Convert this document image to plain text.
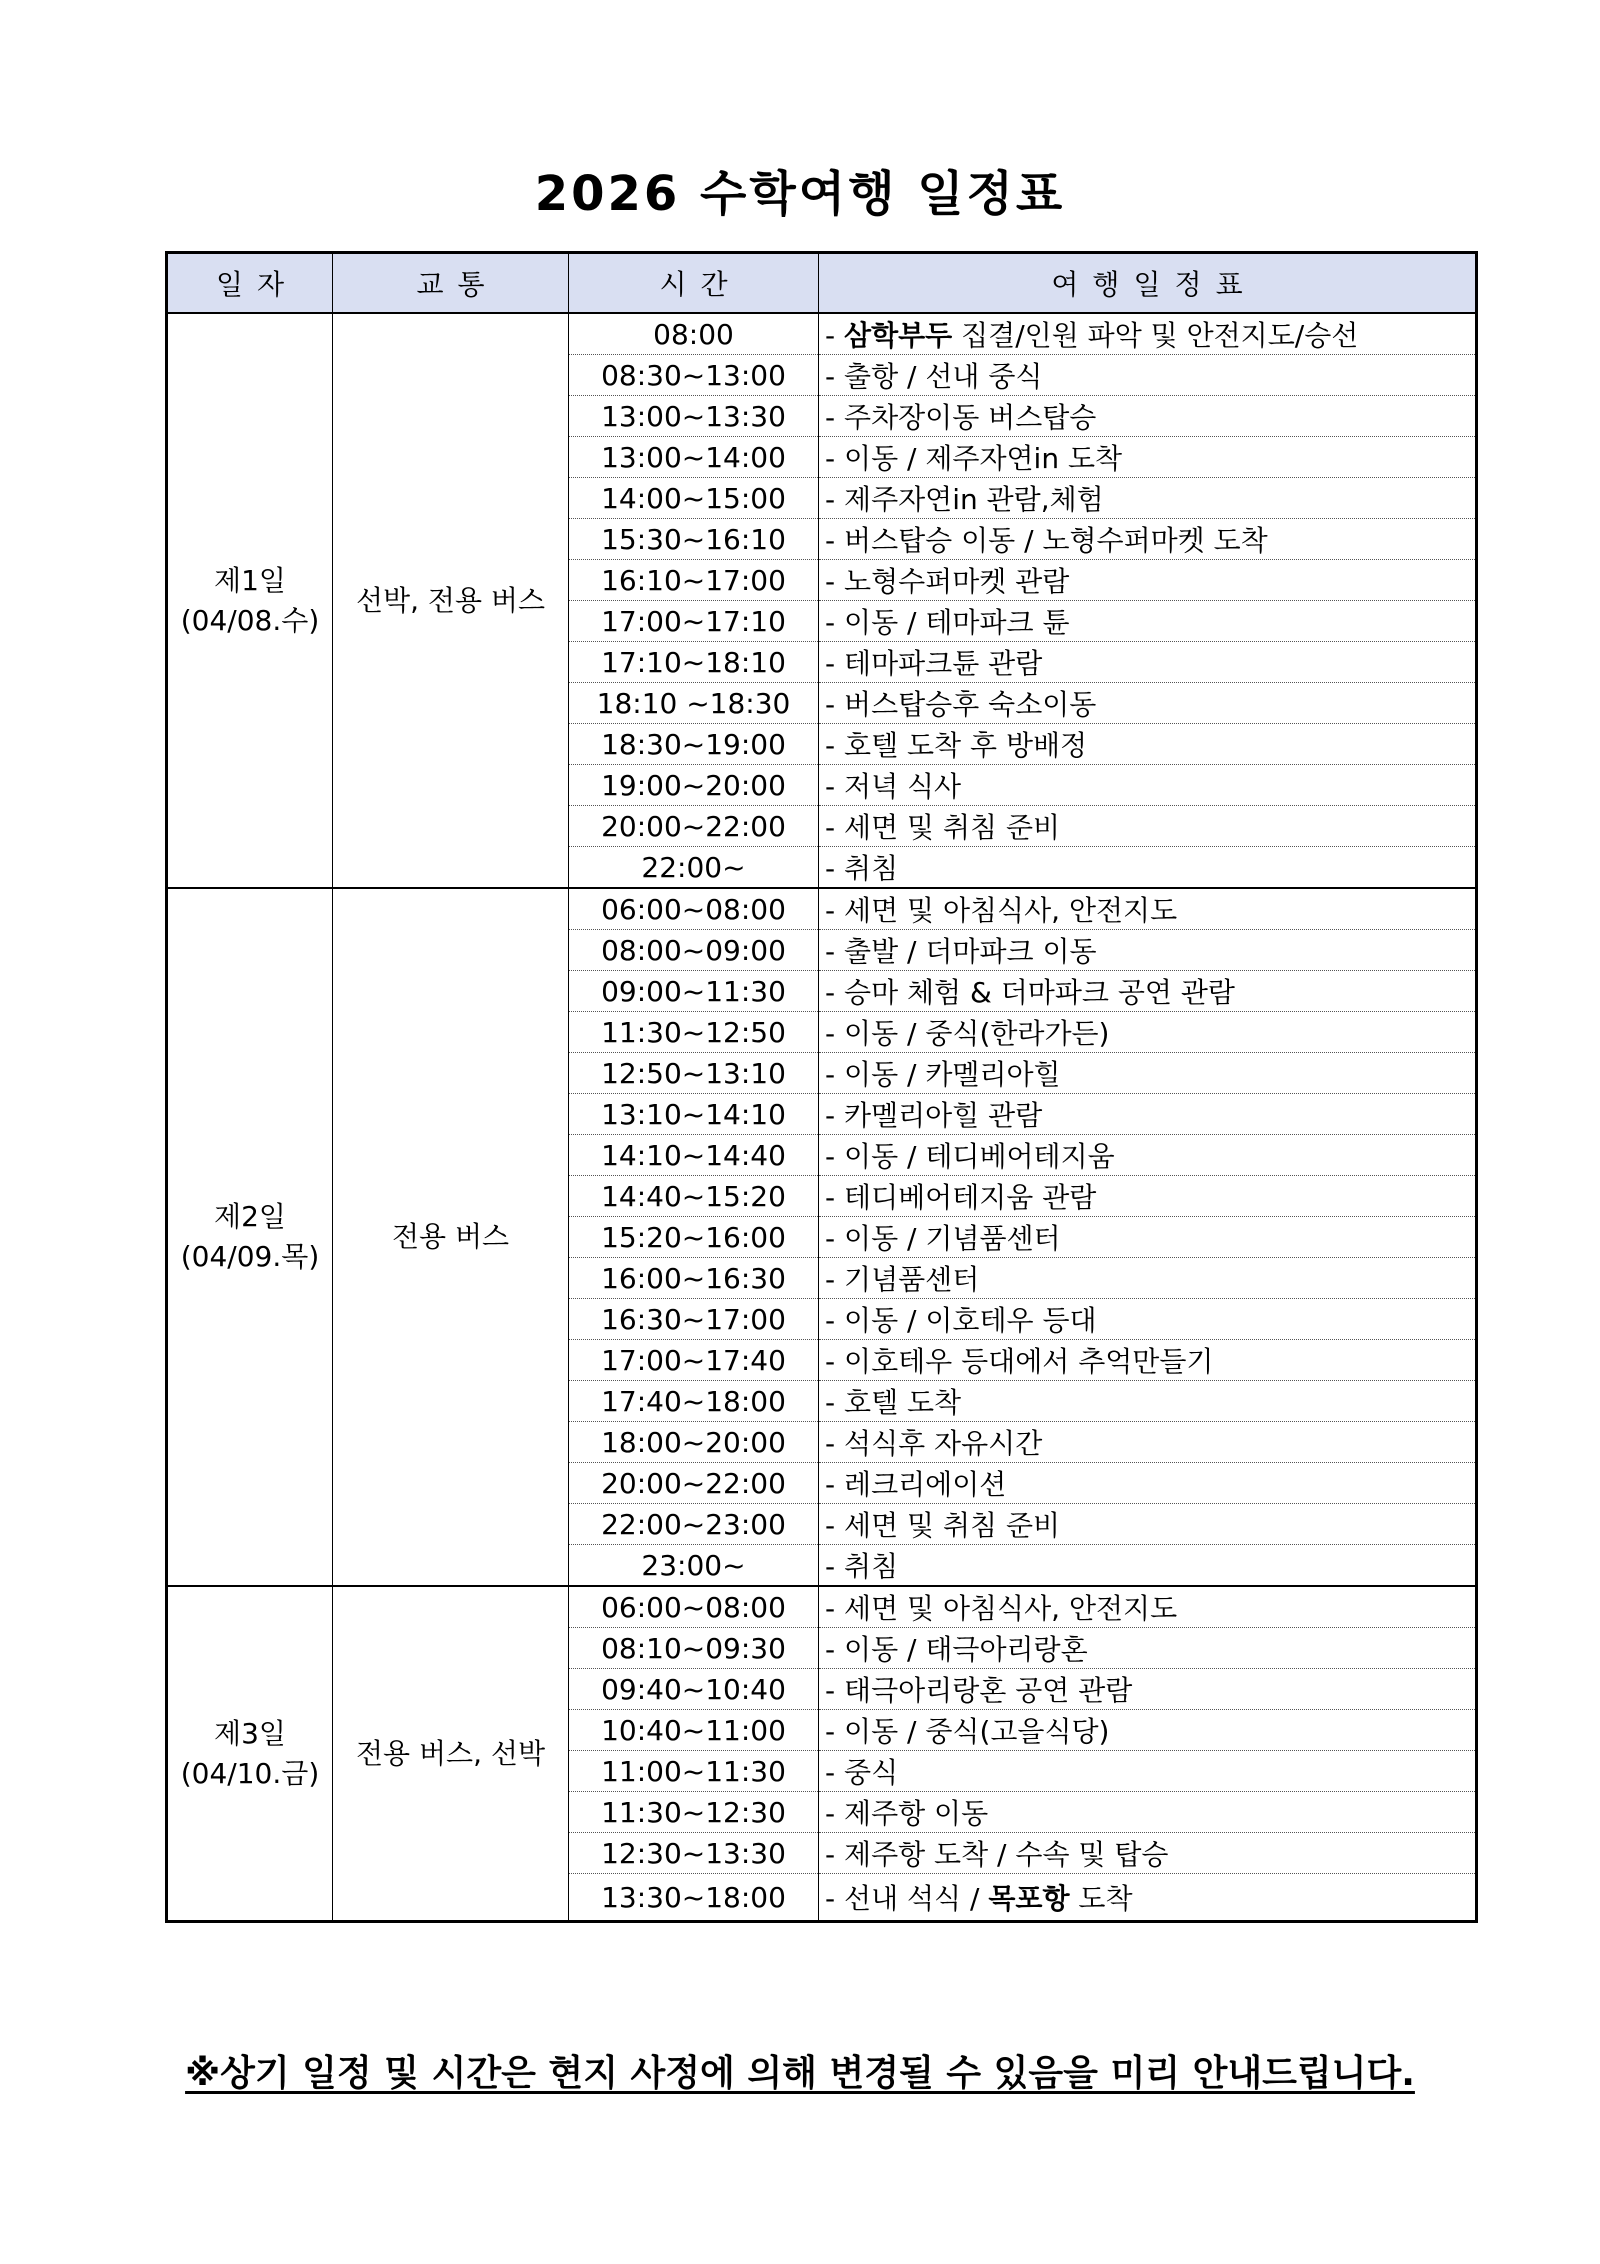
2026 수학여행 일정표
일자	교통	시간	여행일정표

제1일
(04/08.수)	선박, 전용 버스	08:00	- 삼학부두 집결/인원 파악 및 안전지도/승선
		08:30~13:00	- 출항 / 선내 중식
		13:00~13:30	- 주차장이동 버스탑승
		13:00~14:00	- 이동 / 제주자연in 도착
		14:00~15:00	- 제주자연in 관람,체험
		15:30~16:10	- 버스탑승 이동 / 노형수퍼마켓 도착
		16:10~17:00	- 노형수퍼마켓 관람
		17:00∼17:10	- 이동 / 테마파크 튠
		17:10∼18:10	- 테마파크튠 관람
		18:10 ~18:30	- 버스탑승후 숙소이동
		18:30~19:00	- 호텔 도착 후 방배정
		19:00~20:00	- 저녁 식사
		20:00~22:00	- 세면 및 취침 준비
		22:00~	- 취침

제2일
(04/09.목)	전용 버스	06:00~08:00	- 세면 및 아침식사, 안전지도
		08:00~09:00	- 출발 / 더마파크 이동
		09:00~11:30	- 승마 체험 & 더마파크 공연 관람
		11:30~12:50	- 이동 / 중식(한라가든)
		12:50~13:10	- 이동 / 카멜리아힐
		13:10~14:10	- 카멜리아힐 관람
		14:10~14:40	- 이동 / 테디베어테지움
		14:40~15:20	- 테디베어테지움 관람
		15:20~16:00	- 이동 / 기념품센터
		16:00~16:30	- 기념품센터
		16:30~17:00	- 이동 / 이호테우 등대
		17:00~17:40	- 이호테우 등대에서 추억만들기
		17:40~18:00	- 호텔 도착
		18:00~20:00	- 석식후 자유시간
		20:00~22:00	- 레크리에이션
		22:00~23:00	- 세면 및 취침 준비
		23:00~	- 취침

제3일
(04/10.금)	전용 버스, 선박	06:00~08:00	- 세면 및 아침식사, 안전지도
		08:10~09:30	- 이동 / 태극아리랑혼
		09:40~10:40	- 태극아리랑혼 공연 관람
		10:40~11:00	- 이동 / 중식(고을식당)
		11:00~11:30	- 중식
		11:30~12:30	- 제주항 이동
		12:30~13:30	- 제주항 도착 / 수속 및 탑승
		13:30~18:00	- 선내 석식 / 목포항 도착
※상기 일정 및 시간은 현지 사정에 의해 변경될 수 있음을 미리 안내드립니다.
